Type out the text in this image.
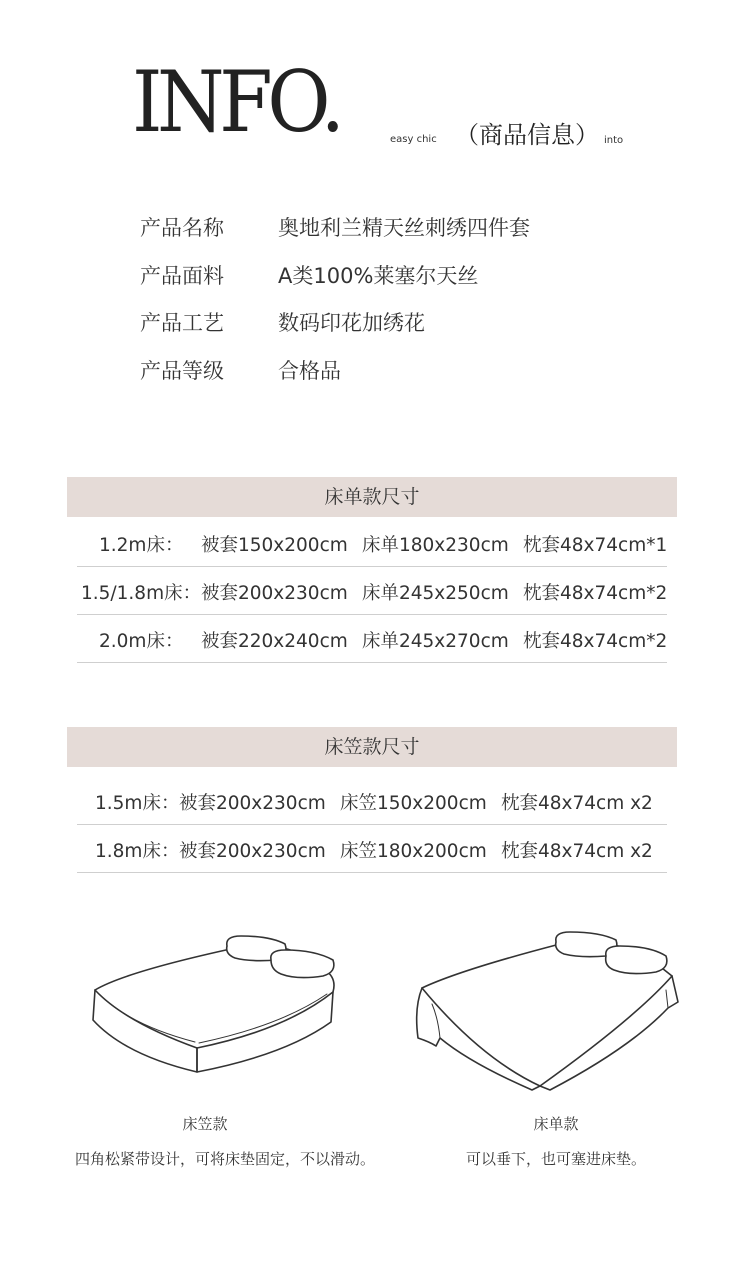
INFO.	easy chic （商品信息） into
产品名称	奥地利兰精天丝刺绣四件套
产品面料	A类100%莱塞尔天丝
产品工艺	数码印花加绣花
产品等级	合格品
床单款尺寸
1.2m床： 被套150x200cm 床单180x230cm 枕套48x74cm*1
1.5/1.8m床： 被套200x230cm 床单245x250cm 枕套48x74cm*2
2.0m床： 被套220x240cm 床单245x270cm 枕套48x74cm*2
床笠款尺寸
1.5m床： 被套200x230cm 床笠150x200cm 枕套48x74cm x2
1.8m床： 被套200x230cm 床笠180x200cm 枕套48x74cm x2
床笠款
四角松紧带设计，可将床垫固定，不以滑动。
床单款
可以垂下，也可塞进床垫。
